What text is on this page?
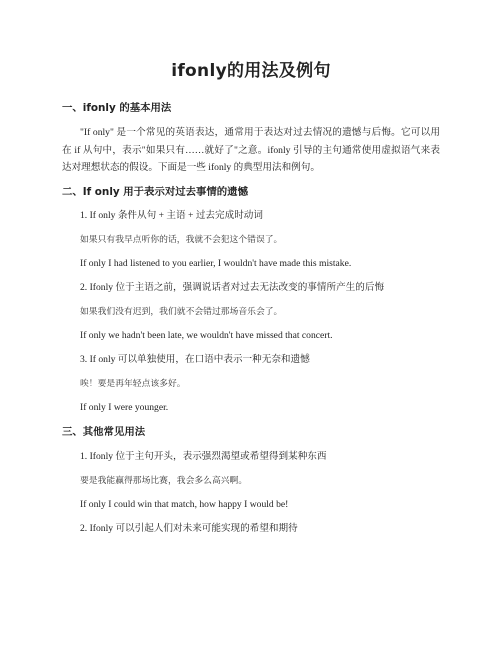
ifonly的用法及例句
一、ifonly 的基本用法
"If only" 是一个常见的英语表达，通常用于表达对过去情况的遗憾与后悔。它可以用在 if 从句中，表示"如果只有……就好了"之意。ifonly 引导的主句通常使用虚拟语气来表达对理想状态的假设。下面是一些 ifonly 的典型用法和例句。
二、If only 用于表示对过去事情的遗憾
1. If only 条件从句 + 主语 + 过去完成时动词
如果只有我早点听你的话，我就不会犯这个错误了。
If only I had listened to you earlier, I wouldn't have made this mistake.
2. Ifonly 位于主语之前，强调说话者对过去无法改变的事情所产生的后悔
如果我们没有迟到，我们就不会错过那场音乐会了。
If only we hadn't been late, we wouldn't have missed that concert.
3. If only 可以单独使用，在口语中表示一种无奈和遗憾
唉！要是再年轻点该多好。
If only I were younger.
三、其他常见用法
1. Ifonly 位于主句开头，表示强烈渴望或希望得到某种东西
要是我能赢得那场比赛，我会多么高兴啊。
If only I could win that match, how happy I would be!
2. Ifonly 可以引起人们对未来可能实现的希望和期待
